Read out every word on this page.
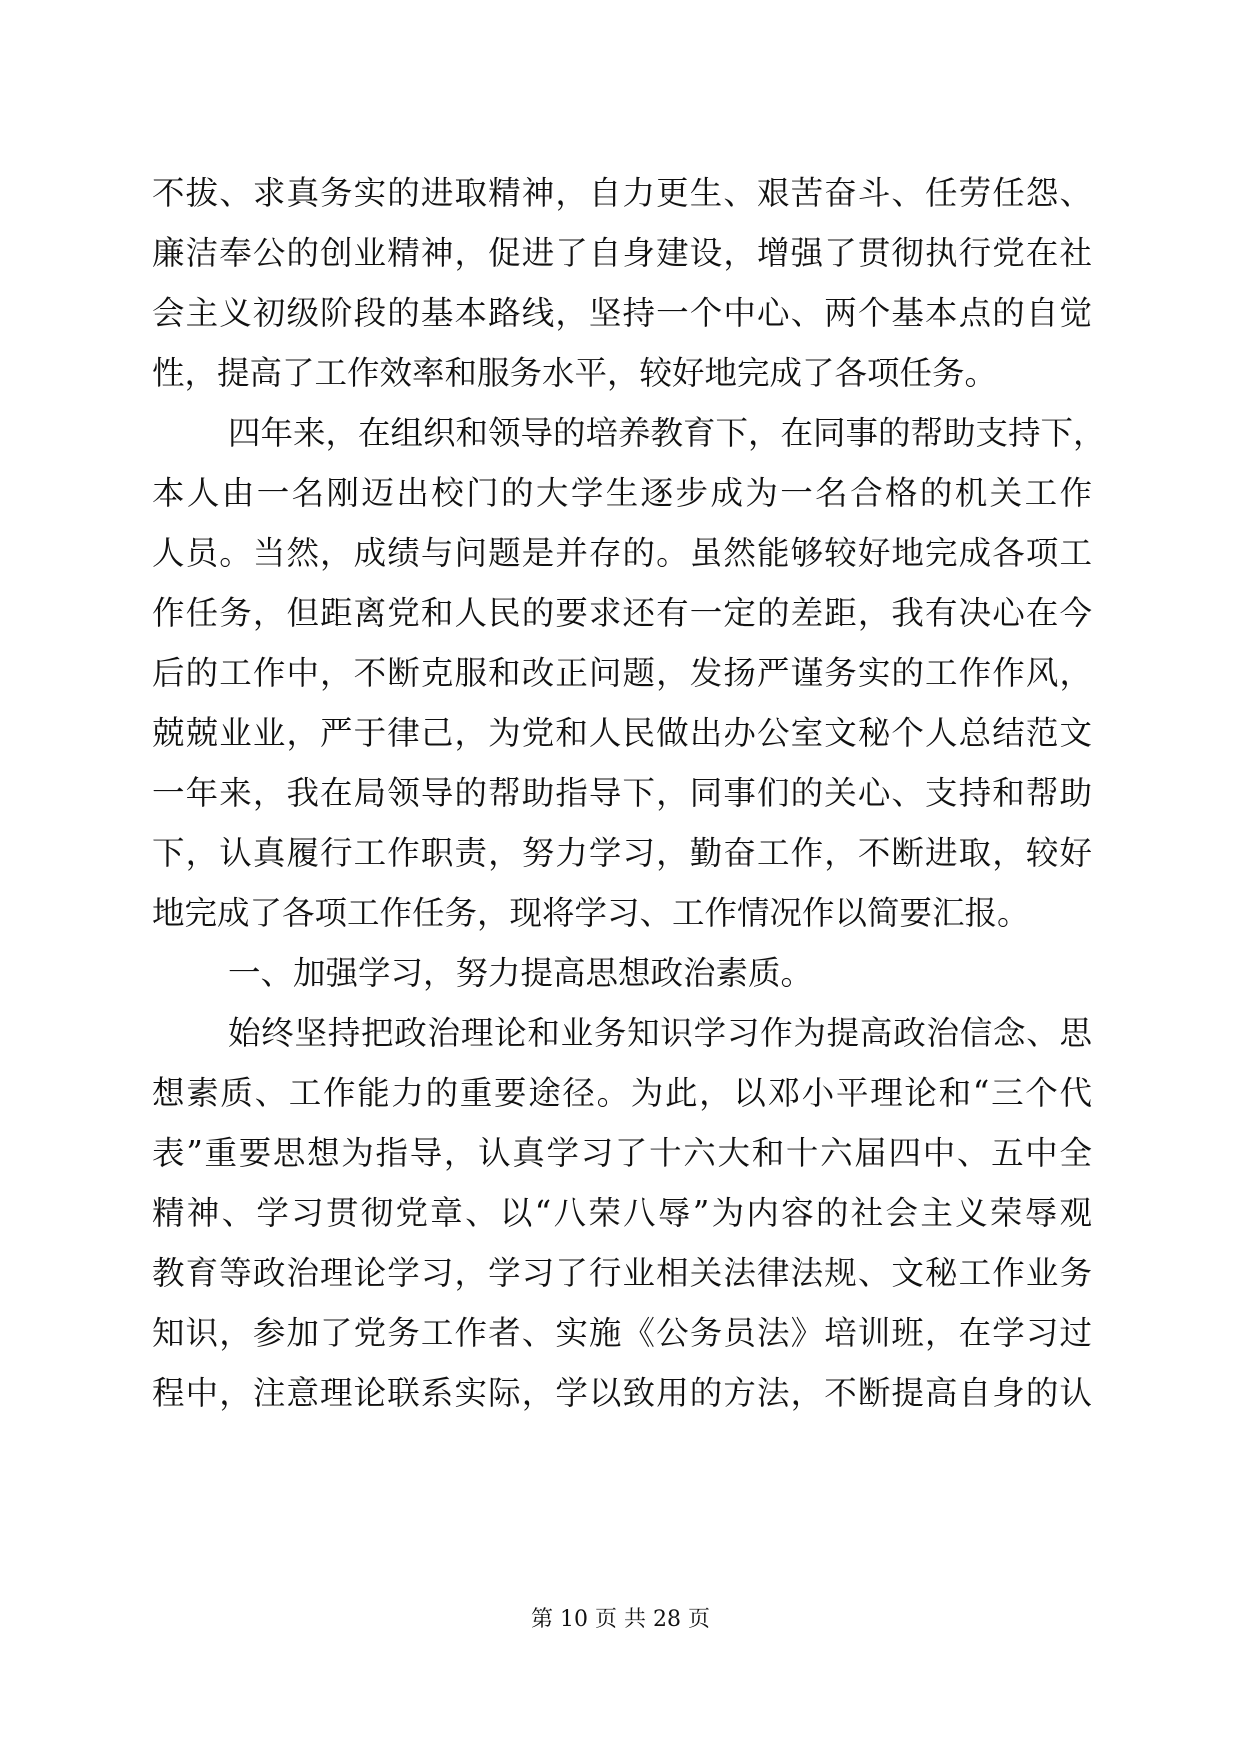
不拔、求真务实的进取精神，自力更生、艰苦奋斗、任劳任怨、
廉洁奉公的创业精神，促进了自身建设，增强了贯彻执行党在社
会主义初级阶段的基本路线，坚持一个中心、两个基本点的自觉
性，提高了工作效率和服务水平，较好地完成了各项任务。
四年来，在组织和领导的培养教育下，在同事的帮助支持下，
本人由一名刚迈出校门的大学生逐步成为一名合格的机关工作
人员。当然，成绩与问题是并存的。虽然能够较好地完成各项工
作任务，但距离党和人民的要求还有一定的差距，我有决心在今
后的工作中，不断克服和改正问题，发扬严谨务实的工作作风，
兢兢业业，严于律己，为党和人民做出办公室文秘个人总结范文
一年来，我在局领导的帮助指导下，同事们的关心、支持和帮助
下，认真履行工作职责，努力学习，勤奋工作，不断进取，较好
地完成了各项工作任务，现将学习、工作情况作以简要汇报。
一、加强学习，努力提高思想政治素质。
始终坚持把政治理论和业务知识学习作为提高政治信念、思
想素质、工作能力的重要途径。为此，以邓小平理论和“三个代
表”重要思想为指导，认真学习了十六大和十六届四中、五中全
精神、学习贯彻党章、以“八荣八辱”为内容的社会主义荣辱观
教育等政治理论学习，学习了行业相关法律法规、文秘工作业务
知识，参加了党务工作者、实施《公务员法》培训班，在学习过
程中，注意理论联系实际，学以致用的方法，不断提高自身的认
第 10 页 共 28 页
